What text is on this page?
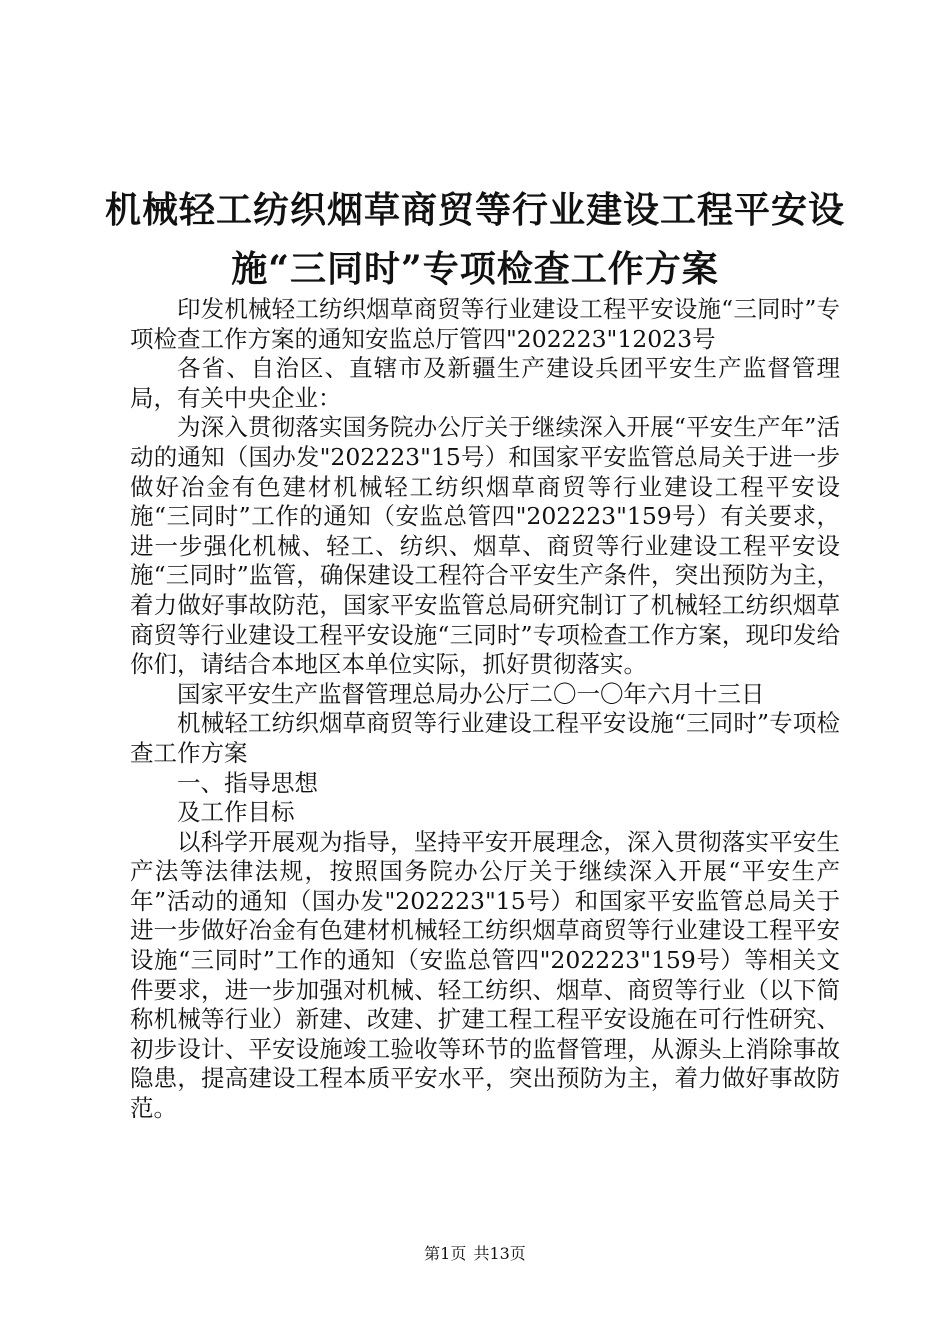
机械轻工纺织烟草商贸等行业建设工程平安设
施“三同时”专项检查工作方案

印发机械轻工纺织烟草商贸等行业建设工程平安设施“三同时”专项检查工作方案的通知安监总厅管四"202223"12023号

各省、自治区、直辖市及新疆生产建设兵团平安生产监督管理局，有关中央企业：

为深入贯彻落实国务院办公厅关于继续深入开展“平安生产年”活动的通知（国办发"202223"15号）和国家平安监管总局关于进一步做好冶金有色建材机械轻工纺织烟草商贸等行业建设工程平安设施“三同时”工作的通知（安监总管四"202223"159号）有关要求，进一步强化机械、轻工、纺织、烟草、商贸等行业建设工程平安设施“三同时”监管，确保建设工程符合平安生产条件，突出预防为主，着力做好事故防范，国家平安监管总局研究制订了机械轻工纺织烟草商贸等行业建设工程平安设施“三同时”专项检查工作方案，现印发给你们，请结合本地区本单位实际，抓好贯彻落实。

国家平安生产监督管理总局办公厅二〇一〇年六月十三日

机械轻工纺织烟草商贸等行业建设工程平安设施“三同时”专项检查工作方案

一、指导思想

及工作目标

以科学开展观为指导，坚持平安开展理念，深入贯彻落实平安生产法等法律法规，按照国务院办公厅关于继续深入开展“平安生产年”活动的通知（国办发"202223"15号）和国家平安监管总局关于进一步做好冶金有色建材机械轻工纺织烟草商贸等行业建设工程平安设施“三同时”工作的通知（安监总管四"202223"159号）等相关文件要求，进一步加强对机械、轻工纺织、烟草、商贸等行业（以下简称机械等行业）新建、改建、扩建工程工程平安设施在可行性研究、初步设计、平安设施竣工验收等环节的监督管理，从源头上消除事故隐患，提高建设工程本质平安水平，突出预防为主，着力做好事故防范。

第1页 共13页
